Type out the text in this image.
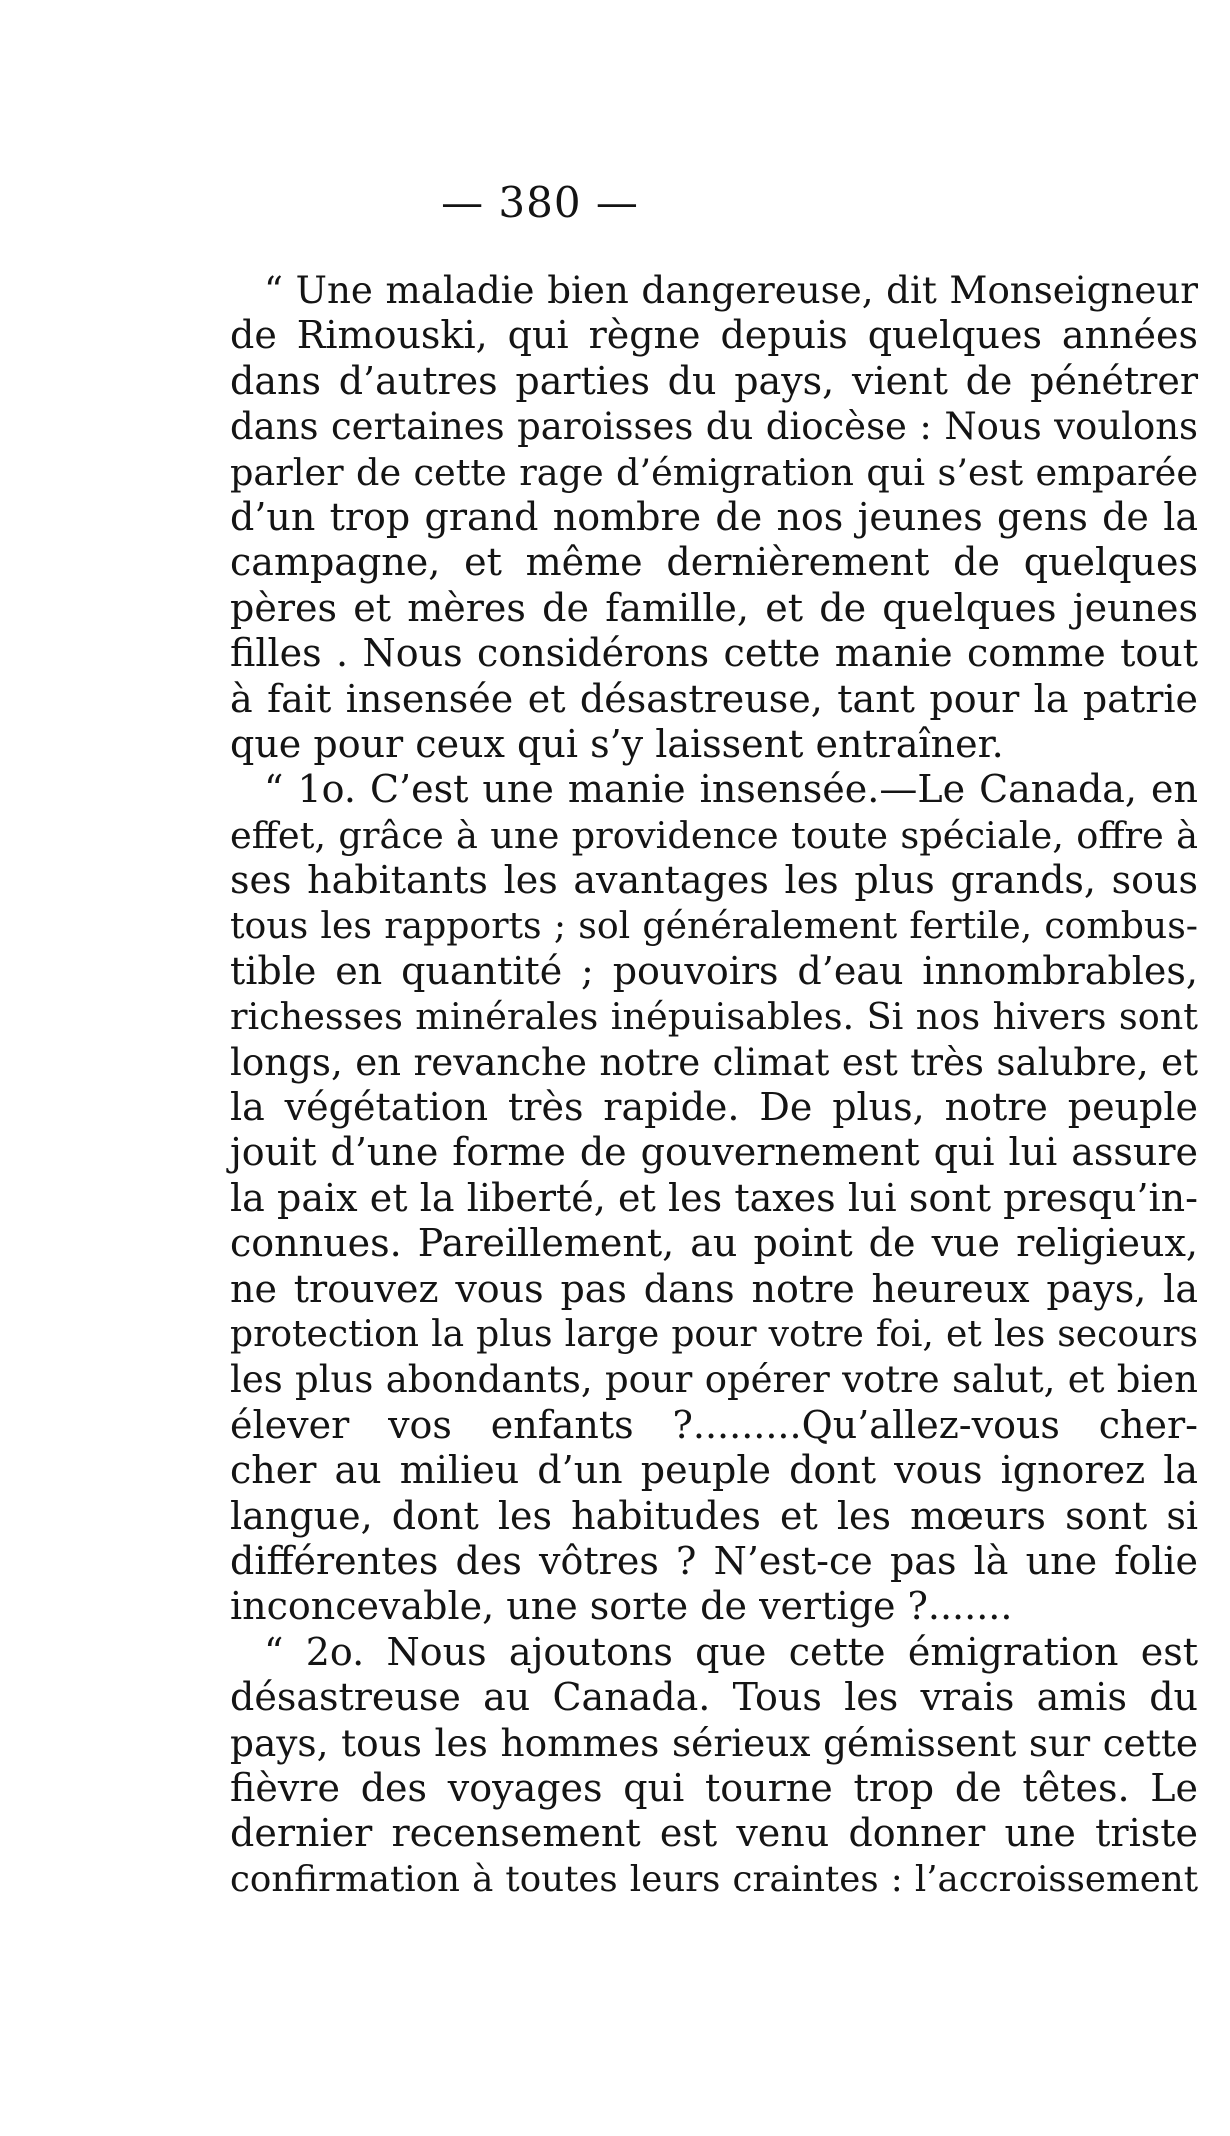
— 380 —
“ Une maladie bien dangereuse, dit Monseigneur
de Rimouski, qui règne depuis quelques années
dans d’autres parties du pays, vient de pénétrer
dans certaines paroisses du diocèse : Nous voulons
parler de cette rage d’émigration qui s’est emparée
d’un trop grand nombre de nos jeunes gens de la
campagne, et même dernièrement de quelques
pères et mères de famille, et de quelques jeunes
filles . Nous considérons cette manie comme tout
à fait insensée et désastreuse, tant pour la patrie
que pour ceux qui s’y laissent entraîner.
“ 1o. C’est une manie insensée.—Le Canada, en
effet, grâce à une providence toute spéciale, offre à
ses habitants les avantages les plus grands, sous
tous les rapports ; sol généralement fertile, combus-
tible en quantité ; pouvoirs d’eau innombrables,
richesses minérales inépuisables. Si nos hivers sont
longs, en revanche notre climat est très salubre, et
la végétation très rapide. De plus, notre peuple
jouit d’une forme de gouvernement qui lui assure
la paix et la liberté, et les taxes lui sont presqu’in-
connues. Pareillement, au point de vue religieux,
ne trouvez vous pas dans notre heureux pays, la
protection la plus large pour votre foi, et les secours
les plus abondants, pour opérer votre salut, et bien
élever vos enfants ?.........Qu’allez-vous cher-
cher au milieu d’un peuple dont vous ignorez la
langue, dont les habitudes et les mœurs sont si
différentes des vôtres ? N’est-ce pas là une folie
inconcevable, une sorte de vertige ?.......
“ 2o. Nous ajoutons que cette émigration est
désastreuse au Canada. Tous les vrais amis du
pays, tous les hommes sérieux gémissent sur cette
fièvre des voyages qui tourne trop de têtes. Le
dernier recensement est venu donner une triste
confirmation à toutes leurs craintes : l’accroissement
